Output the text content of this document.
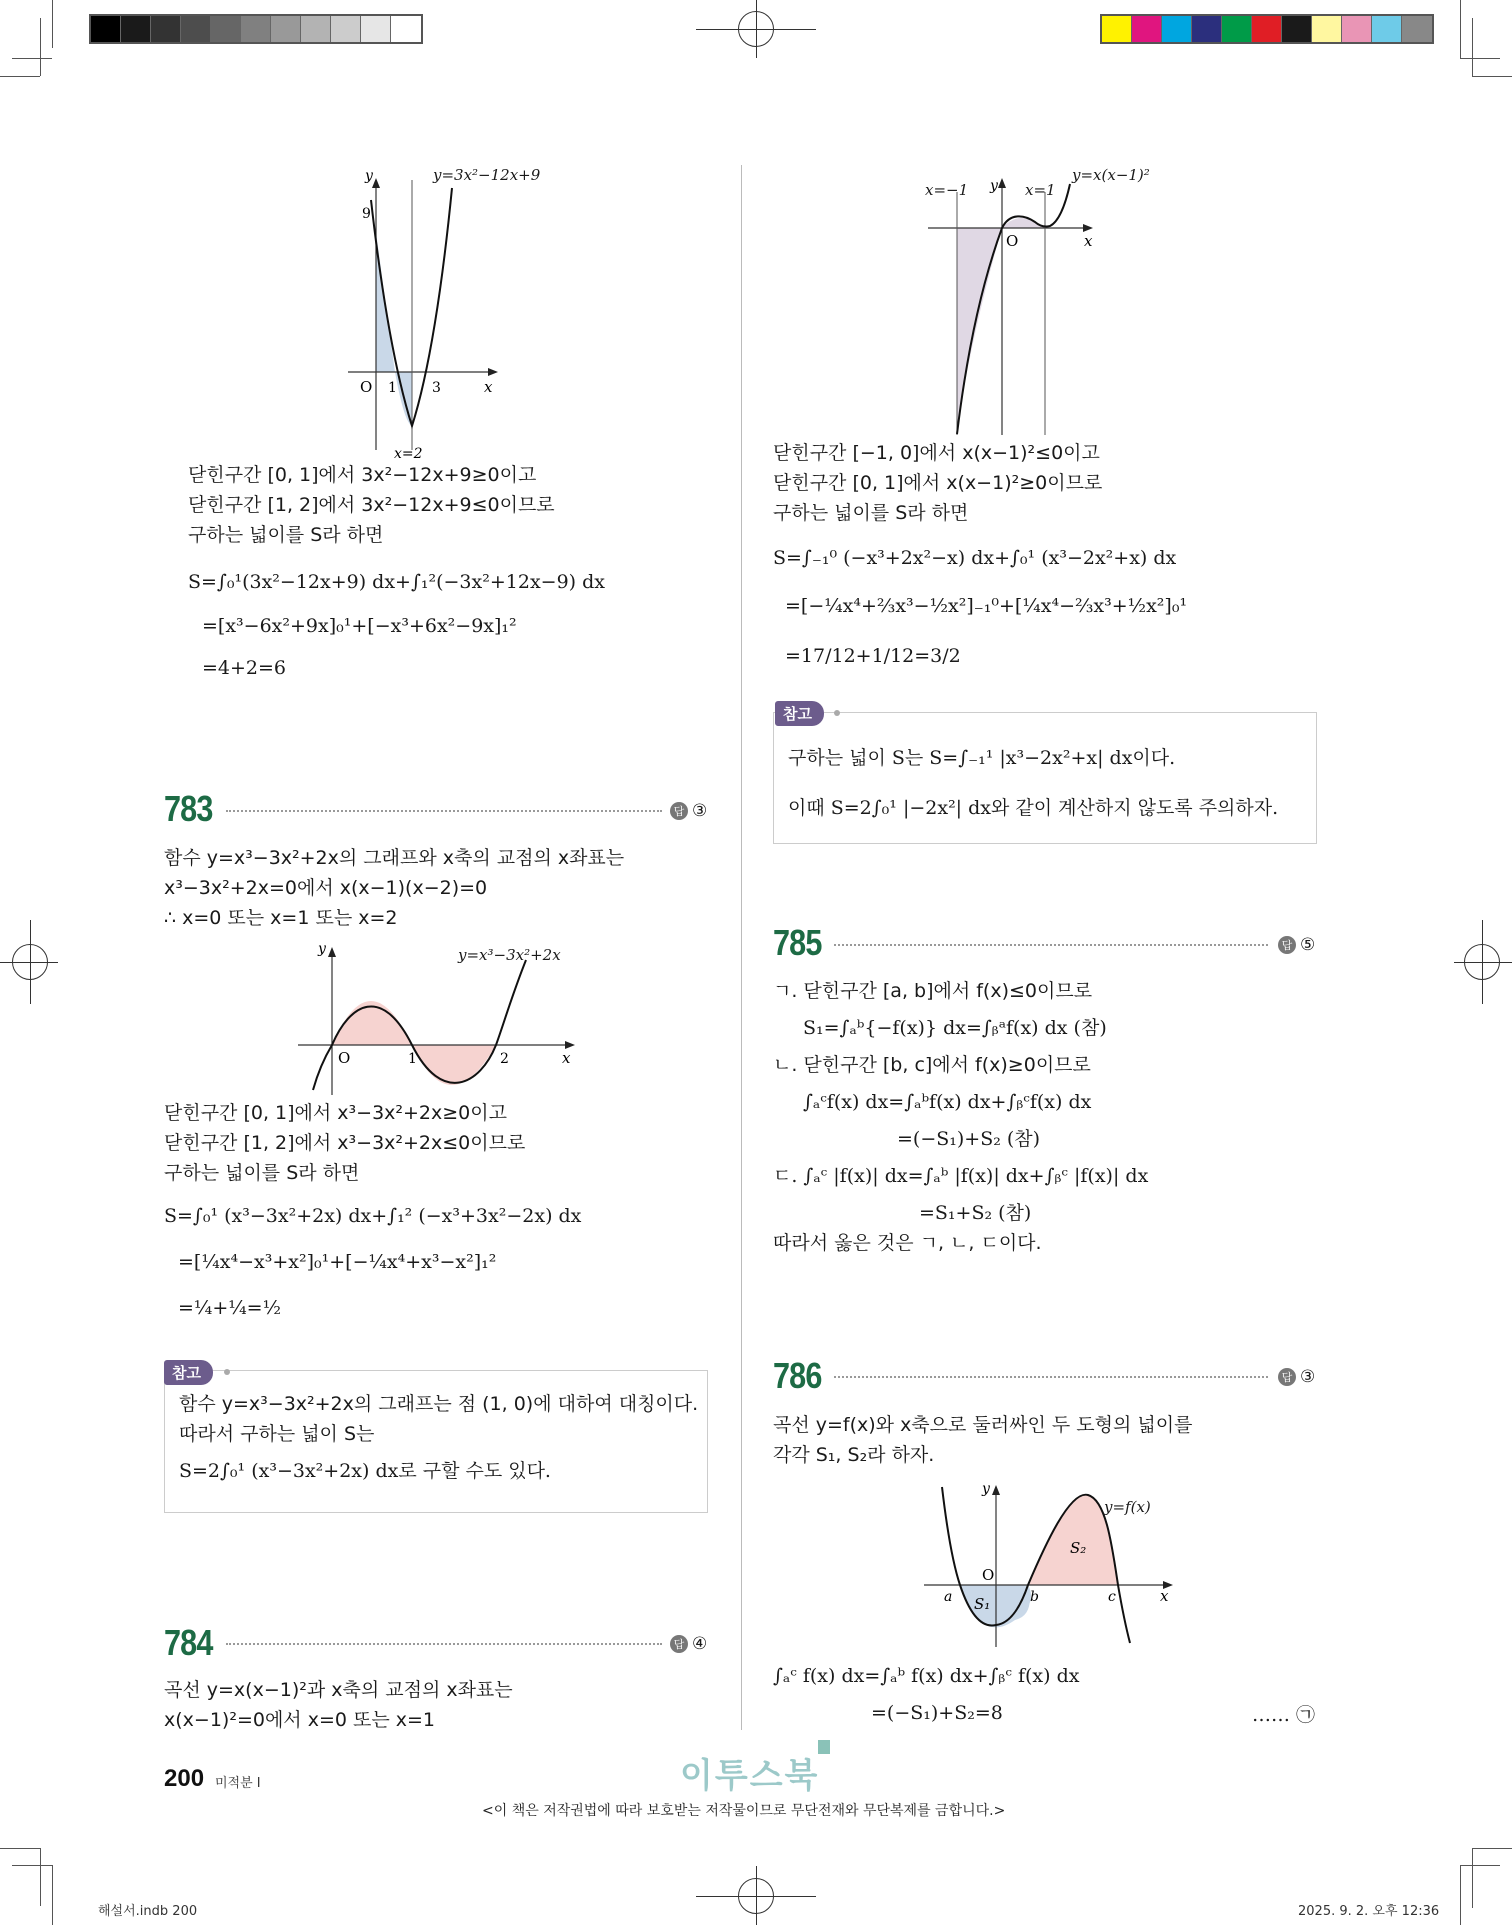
y
9
O 1	3	x
x=2
y=3x²−12x+9
닫힌구간 [0, 1]에서 3x²−12x+9≥0이고
닫힌구간 [1, 2]에서 3x²−12x+9≤0이므로
구하는 넓이를 S라 하면
S=∫₀¹(3x²−12x+9) dx+∫₁²(−3x²+12x−9) dx
=[x³−6x²+9x]₀¹+[−x³+6x²−9x]₁²
=4+2=6
783	답 ③
함수 y=x³−3x²+2x의 그래프와 x축의 교점의 x좌표는
x³−3x²+2x=0에서 x(x−1)(x−2)=0
∴ x=0 또는 x=1 또는 x=2
y
O	1	2	x
y=x³−3x²+2x
닫힌구간 [0, 1]에서 x³−3x²+2x≥0이고
닫힌구간 [1, 2]에서 x³−3x²+2x≤0이므로
구하는 넓이를 S라 하면
S=∫₀¹ (x³−3x²+2x) dx+∫₁² (−x³+3x²−2x) dx
=[¼x⁴−x³+x²]₀¹+[−¼x⁴+x³−x²]₁²
=¼+¼=½
함수 y=x³−3x²+2x의 그래프는 점 (1, 0)에 대하여 대칭이다.
따라서 구하는 넓이 S는
S=2∫₀¹ (x³−3x²+2x) dx로 구할 수도 있다.
참고
784	답 ④
곡선 y=x(x−1)²과 x축의 교점의 x좌표는
x(x−1)²=0에서 x=0 또는 x=1
y
O	x
x=−1	x=1
y=x(x−1)²
닫힌구간 [−1, 0]에서 x(x−1)²≤0이고
닫힌구간 [0, 1]에서 x(x−1)²≥0이므로
구하는 넓이를 S라 하면
S=∫₋₁⁰ (−x³+2x²−x) dx+∫₀¹ (x³−2x²+x) dx
=[−¼x⁴+⅔x³−½x²]₋₁⁰+[¼x⁴−⅔x³+½x²]₀¹
=17/12+1/12=3/2
구하는 넓이 S는 S=∫₋₁¹ |x³−2x²+x| dx이다.
이때 S=2∫₀¹ |−2x²| dx와 같이 계산하지 않도록 주의하자.
참고
785	답 ⑤
ㄱ. 닫힌구간 [a, b]에서 f(x)≤0이므로
S₁=∫ₐᵇ{−f(x)} dx=∫ᵦᵃf(x) dx (참)
ㄴ. 닫힌구간 [b, c]에서 f(x)≥0이므로
∫ₐᶜf(x) dx=∫ₐᵇf(x) dx+∫ᵦᶜf(x) dx
=(−S₁)+S₂ (참)
ㄷ. ∫ₐᶜ |f(x)| dx=∫ₐᵇ |f(x)| dx+∫ᵦᶜ |f(x)| dx
=S₁+S₂ (참)
따라서 옳은 것은 ㄱ, ㄴ, ㄷ이다.
786	답 ③
곡선 y=f(x)와 x축으로 둘러싸인 두 도형의 넓이를
각각 S₁, S₂라 하자.
y
O
a	b	c	x
S₁
S₂
y=f(x)
∫ₐᶜ f(x) dx=∫ₐᵇ f(x) dx+∫ᵦᶜ f(x) dx
=(−S₁)+S₂=8	…… ㉠
200 미적분 I	이투스북
<이 책은 저작권법에 따라 보호받는 저작물이므로 무단전재와 무단복제를 금합니다.>
해설서.indb 200	2025. 9. 2. 오후 12:36
